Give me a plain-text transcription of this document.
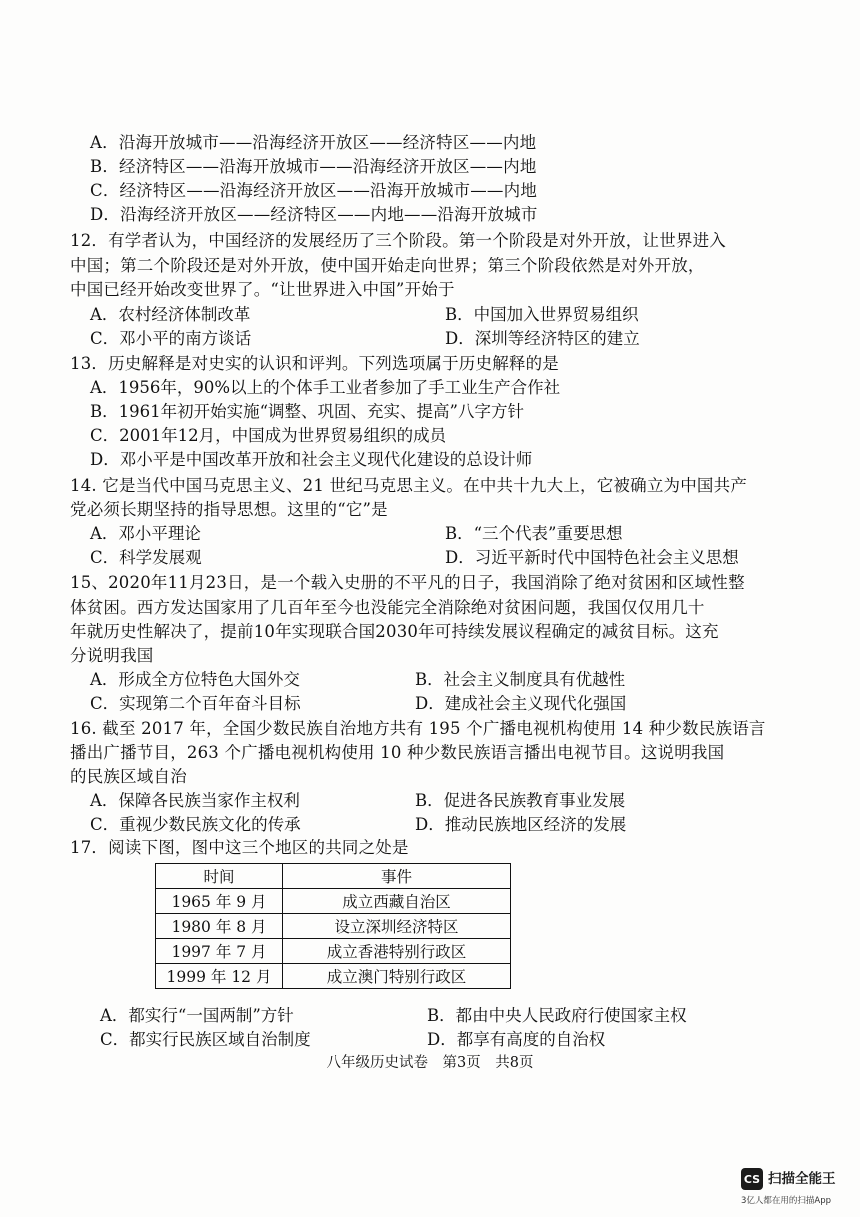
A．沿海开放城市——沿海经济开放区——经济特区——内地
B．经济特区——沿海开放城市——沿海经济开放区——内地
C．经济特区——沿海经济开放区——沿海开放城市——内地
D．沿海经济开放区——经济特区——内地——沿海开放城市
12．有学者认为，中国经济的发展经历了三个阶段。第一个阶段是对外开放，让世界进入
中国；第二个阶段还是对外开放，使中国开始走向世界；第三个阶段依然是对外开放，
中国已经开始改变世界了。“让世界进入中国”开始于
A．农村经济体制改革	B．中国加入世界贸易组织
C．邓小平的南方谈话	D．深圳等经济特区的建立
13．历史解释是对史实的认识和评判。下列选项属于历史解释的是
A．1956年，90%以上的个体手工业者参加了手工业生产合作社
B．1961年初开始实施“调整、巩固、充实、提高”八字方针
C．2001年12月，中国成为世界贸易组织的成员
D．邓小平是中国改革开放和社会主义现代化建设的总设计师
14. 它是当代中国马克思主义、21 世纪马克思主义。在中共十九大上，它被确立为中国共产
党必须长期坚持的指导思想。这里的“它”是
A．邓小平理论	B．“三个代表”重要思想
C．科学发展观	D．习近平新时代中国特色社会主义思想
15、2020年11月23日，是一个载入史册的不平凡的日子，我国消除了绝对贫困和区域性整
体贫困。西方发达国家用了几百年至今也没能完全消除绝对贫困问题，我国仅仅用几十
年就历史性解决了，提前10年实现联合国2030年可持续发展议程确定的减贫目标。这充
分说明我国
A．形成全方位特色大国外交	B．社会主义制度具有优越性
C．实现第二个百年奋斗目标	D．建成社会主义现代化强国
16. 截至 2017 年，全国少数民族自治地方共有 195 个广播电视机构使用 14 种少数民族语言
播出广播节目，263 个广播电视机构使用 10 种少数民族语言播出电视节目。这说明我国
的民族区域自治
A．保障各民族当家作主权利	B．促进各民族教育事业发展
C．重视少数民族文化的传承	D．推动民族地区经济的发展
17．阅读下图，图中这三个地区的共同之处是
时间	事件
1965 年 9 月	成立西藏自治区
1980 年 8 月	设立深圳经济特区
1997 年 7 月	成立香港特别行政区
1999 年 12 月	成立澳门特别行政区
A．都实行“一国两制”方针	B．都由中央人民政府行使国家主权
C．都实行民族区域自治制度	D．都享有高度的自治权
八年级历史试卷　第3页　共8页
CS 扫描全能王
3亿人都在用的扫描App
